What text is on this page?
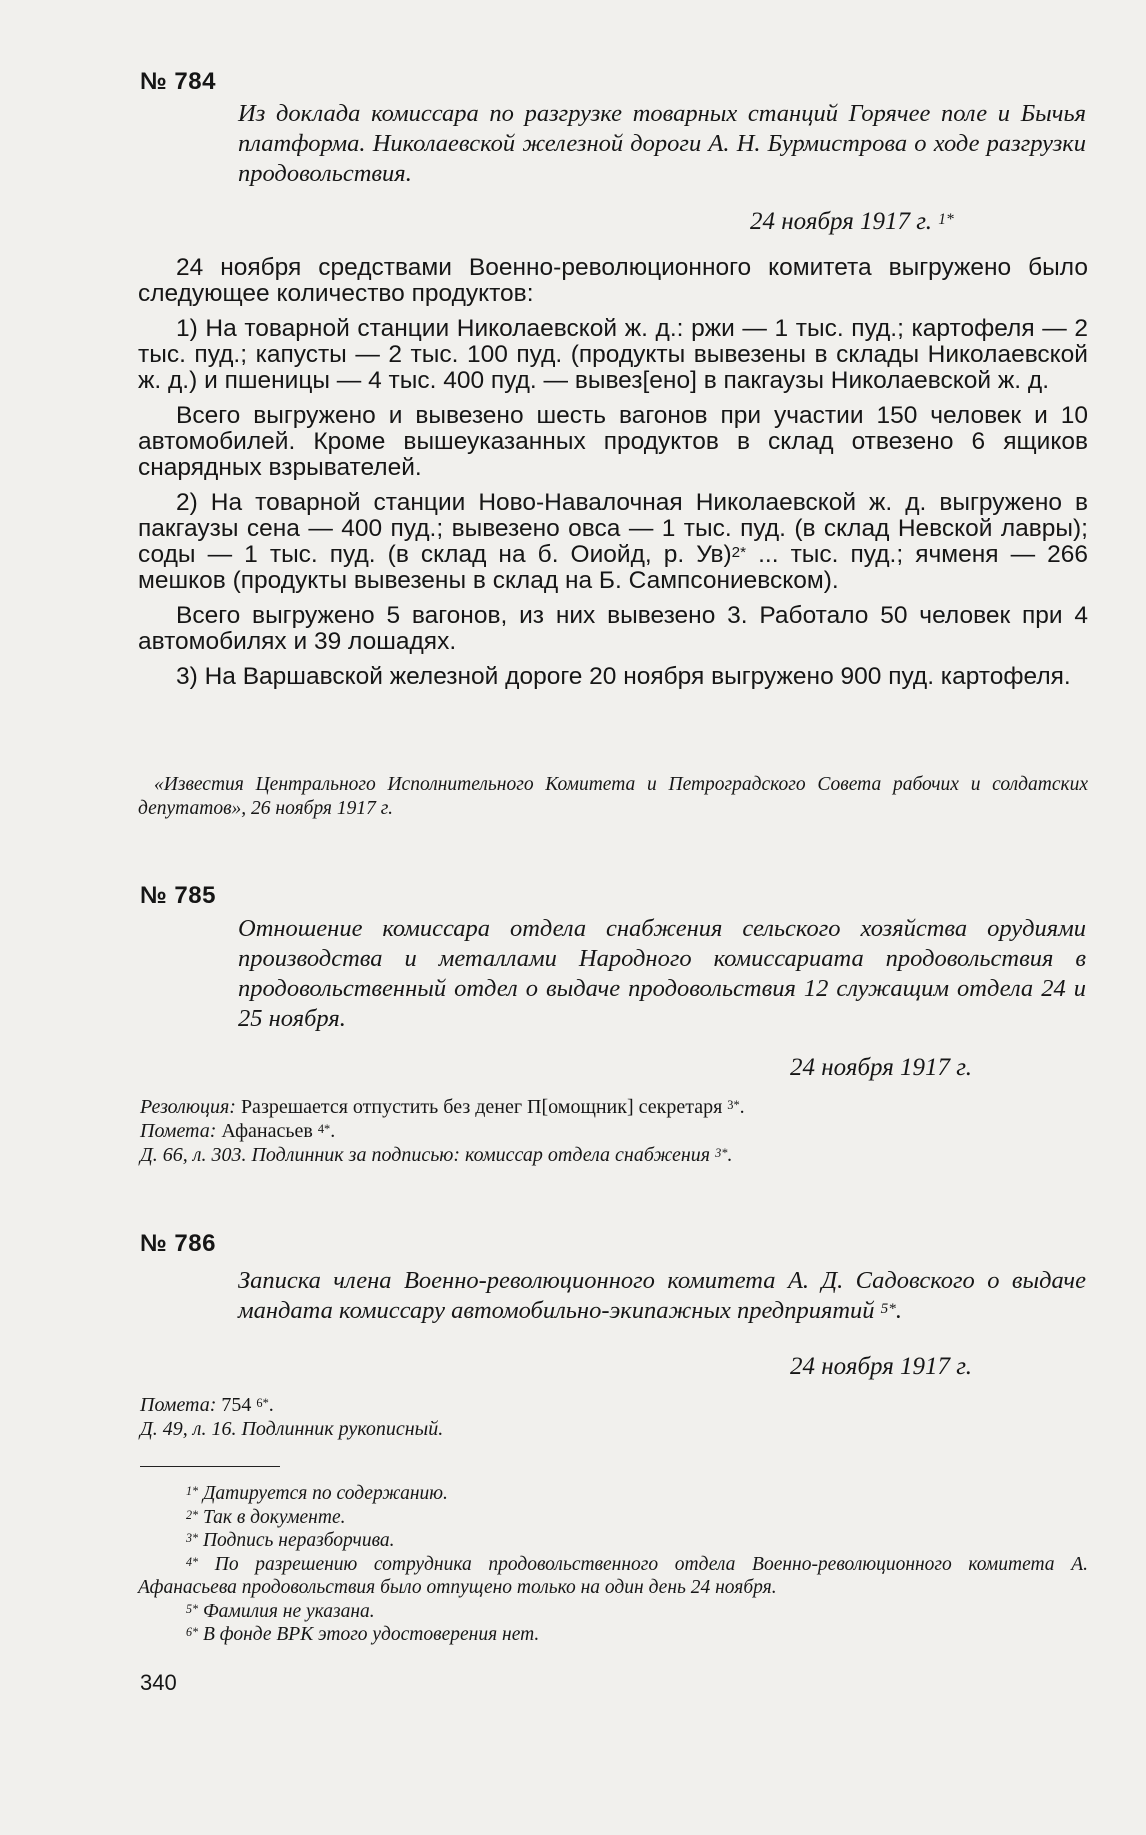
№ 784
Из доклада комиссара по разгрузке товарных станций Горячее поле и Бычья платформа. Николаевской железной дороги А. Н. Бурмистрова о ходе разгрузки продовольствия.
24 ноября 1917 г. $^{1*}$

24 ноября средствами Военно-революционного комитета выгружено было следующее количество продуктов:

1) На товарной станции Николаевской ж. д.: ржи — 1 тыс. пуд.; картофеля — 2 тыс. пуд.; капусты — 2 тыс. 100 пуд. (продукты вывезены в склады Николаевской ж. д.) и пшеницы — 4 тыс. 400 пуд. — вывез[ено] в пакгаузы Николаевской ж. д.

Всего выгружено и вывезено шесть вагонов при участии 150 человек и 10 автомобилей. Кроме вышеуказанных продуктов в склад отвезено 6 ящиков снарядных взрывателей.

2) На товарной станции Ново-Навалочная Николаевской ж. д. выгружено в пакгаузы сена — 400 пуд.; вывезено овса — 1 тыс. пуд. (в склад Невской лавры); соды — 1 тыс. пуд. (в склад на б. Оиойд, р. Ув)$^{2*}$ ... тыс. пуд.; ячменя — 266 мешков (продукты вывезены в склад на Б. Сампсониевском).

Всего выгружено 5 вагонов, из них вывезено 3. Работало 50 человек при 4 автомобилях и 39 лошадях.

3) На Варшавской железной дороге 20 ноября выгружено 900 пуд. картофеля.

«Известия Центрального Исполнительного Комитета и Петроградского Совета рабочих и солдатских депутатов», 26 ноября 1917 г.
№ 785
Отношение комиссара отдела снабжения сельского хозяйства орудиями производства и металлами Народного комиссариата продовольствия в продовольственный отдел о выдаче продовольствия 12 служащим отдела 24 и 25 ноября.
24 ноября 1917 г.
Резолюция: Разрешается отпустить без денег П[омощник] секретаря $^{3*}$.
Помета: Афанасьев $^{4*}$.
Д. 66, л. 303. Подлинник за подписью: комиссар отдела снабжения $^{3*}$.
№ 786
Записка члена Военно-революционного комитета А. Д. Садовского о выдаче мандата комиссару автомобильно-экипажных предприятий $^{5*}$.
24 ноября 1917 г.
Помета: 754 $^{6*}$.
Д. 49, л. 16. Подлинник рукописный.
$^{1*}$ Датируется по содержанию.
$^{2*}$ Так в документе.
$^{3*}$ Подпись неразборчива.
$^{4*}$ По разрешению сотрудника продовольственного отдела Военно-революционного комитета А. Афанасьева продовольствия было отпущено только на один день 24 ноября.
$^{5*}$ Фамилия не указана.
$^{6*}$ В фонде ВРК этого удостоверения нет.
340
